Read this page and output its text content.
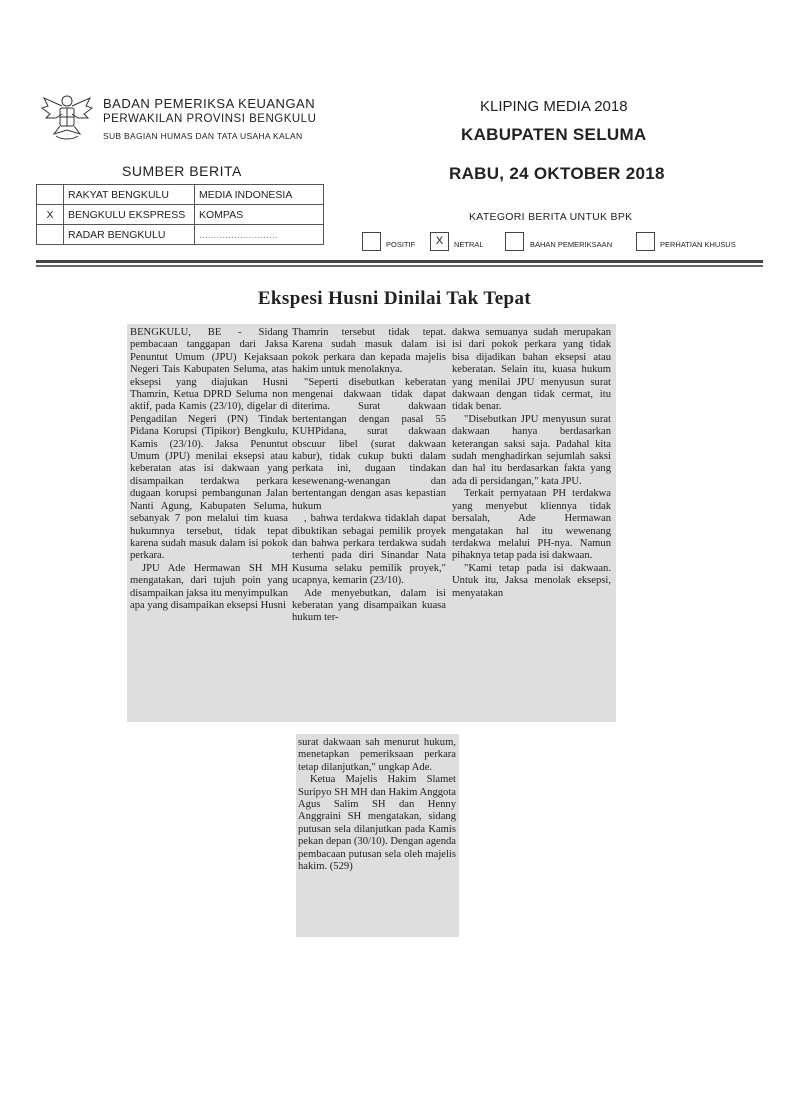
BADAN PEMERIKSA KEUANGAN
PERWAKILAN PROVINSI BENGKULU
SUB BAGIAN HUMAS DAN TATA USAHA KALAN
KLIPING MEDIA 2018
KABUPATEN SELUMA
RABU, 24 OKTOBER 2018
SUMBER BERITA
	RAKYAT BENGKULU	MEDIA INDONESIA
X	BENGKULU EKSPRESS	KOMPAS
	RADAR BENGKULU	...........................
KATEGORI BERITA UNTUK BPK
POSITIF	X	NETRAL	BAHAN PEMERIKSAAN	PERHATIAN KHUSUS
Ekspesi Husni Dinilai Tak Tepat

BENGKULU, BE - Sidang pembacaan tanggapan dari Jaksa Penuntut Umum (JPU) Kejaksaan Negeri Tais Kabupaten Seluma, atas eksepsi yang diajukan Husni Thamrin, Ketua DPRD Seluma non aktif, pada Kamis (23/10), digelar di Pengadilan Negeri (PN) Tindak Pidana Korupsi (Tipikor) Bengkulu, Kamis (23/10). Jaksa Penuntut Umum (JPU) menilai eksepsi atau keberatan atas isi dakwaan yang disampaikan terdakwa perkara dugaan korupsi pembangunan Jalan Nanti Agung, Kabupaten Seluma, sebanyak 7 pon melalui tim kuasa hukumnya tersebut, tidak tepat karena sudah masuk dalam isi pokok perkara.

JPU Ade Hermawan SH MH mengatakan, dari tujuh poin yang disampaikan jaksa itu menyimpulkan apa yang disampaikan eksepsi Husni

Thamrin tersebut tidak tepat. Karena sudah masuk dalam isi pokok perkara dan kepada majelis hakim untuk menolaknya.

"Seperti disebutkan keberatan mengenai dakwaan tidak dapat diterima. Surat dakwaan bertentangan dengan pasal 55 KUHPidana, surat dakwaan obscuur libel (surat dakwaan kabur), tidak cukup bukti dalam perkata ini, dugaan tindakan kesewenang-wenangan dan bertentangan dengan asas kepastian hukum

, bahwa terdakwa tidaklah dapat dibuktikan sebagai pemilik proyek dan bahwa perkara terdakwa sudah terhenti pada diri Sinandar Nata Kusuma selaku pemilik proyek," ucapnya, kemarin (23/10).

Ade menyebutkan, dalam isi keberatan yang disampaikan kuasa hukum ter-

dakwa semuanya sudah merupakan isi dari pokok perkara yang tidak bisa dijadikan bahan eksepsi atau keberatan. Selain itu, kuasa hukum yang menilai JPU menyusun surat dakwaan dengan tidak cermat, itu tidak benar.

"Disebutkan JPU menyusun surat dakwaan hanya berdasarkan keterangan saksi saja. Padahal kita sudah menghadirkan sejumlah saksi dan hal itu berdasarkan fakta yang ada di persidangan," kata JPU.

Terkait pernyataan PH terdakwa yang menyebut kliennya tidak bersalah, Ade Hermawan mengatakan hal itu wewenang terdakwa melalui PH-nya. Namun pihaknya tetap pada isi dakwaan.

"Kami tetap pada isi dakwaan. Untuk itu, Jaksa menolak eksepsi, menyatakan

surat dakwaan sah menurut hukum, menetapkan pemeriksaan perkara tetap dilanjutkan," ungkap Ade.

Ketua Majelis Hakim Slamet Suripyo SH MH dan Hakim Anggota Agus Salim SH dan Henny Anggraini SH mengatakan, sidang putusan sela dilanjutkan pada Kamis pekan depan (30/10). Dengan agenda pembacaan putusan sela oleh majelis hakim. (529)
